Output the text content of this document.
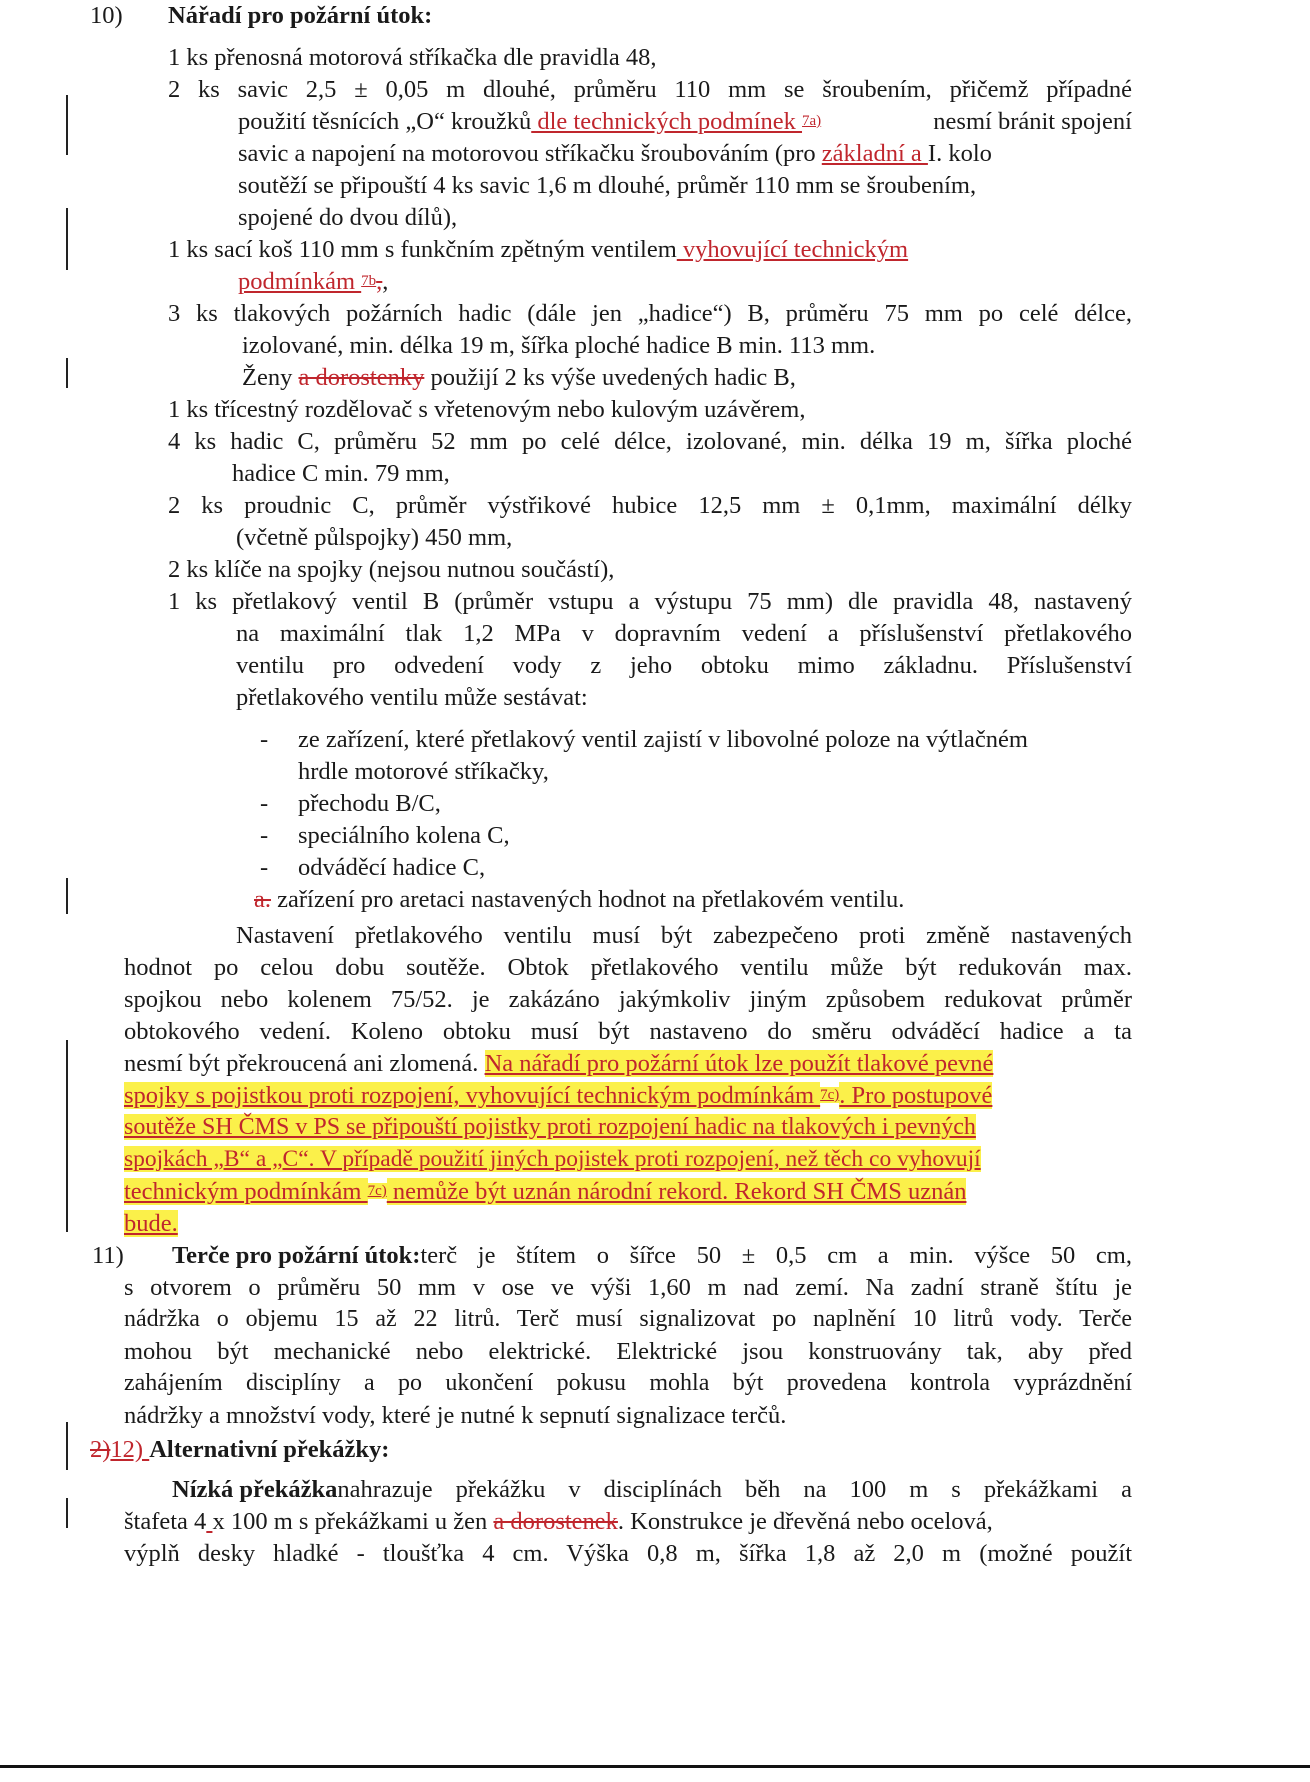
10) Nářadí pro požární útok:
1 ks přenosná motorová stříkačka dle pravidla 48,
2 ks savic 2,5 ± 0,05 m dlouhé, průměru 110 mm se šroubením, přičemž případné
použití těsnících „O“ kroužků dle technických podmínek $^{7a)}$	nesmí bránit spojení
savic a napojení na motorovou stříkačku šroubováním (pro základní a I. kolo
soutěží se připouští 4 ks savic 1,6 m dlouhé, průměr 110 mm se šroubením,
spojené do dvou dílů),
1 ks sací koš 110 mm s funkčním zpětným ventilem vyhovující technickým
podmínkám $^{7b}$,,
3 ks tlakových požárních hadic (dále jen „hadice“) B, průměru 75 mm po celé délce,
izolované, min. délka 19 m, šířka ploché hadice B min. 113 mm.
Ženy a dorostenky použijí 2 ks výše uvedených hadic B,
1 ks třícestný rozdělovač s vřetenovým nebo kulovým uzávěrem,
4 ks hadic C, průměru 52 mm po celé délce, izolované, min. délka 19 m, šířka ploché
hadice C min. 79 mm,
2 ks proudnic C, průměr výstřikové hubice 12,5 mm ± 0,1mm, maximální délky
(včetně půlspojky) 450 mm,
2 ks klíče na spojky (nejsou nutnou součástí),
1 ks přetlakový ventil B (průměr vstupu a výstupu 75 mm) dle pravidla 48, nastavený
na maximální tlak 1,2 MPa v dopravním vedení a příslušenství přetlakového
ventilu pro odvedení vody z jeho obtoku mimo základnu. Příslušenství
přetlakového ventilu může sestávat:
- ze zařízení, které přetlakový ventil zajistí v libovolné poloze na výtlačném
hrdle motorové stříkačky,
- přechodu B/C,
- speciálního kolena C,
- odváděcí hadice C,
a. zařízení pro aretaci nastavených hodnot na přetlakovém ventilu.
Nastavení přetlakového ventilu musí být zabezpečeno proti změně nastavených
hodnot po celou dobu soutěže. Obtok přetlakového ventilu může být redukován max.
spojkou nebo kolenem 75/52. je zakázáno jakýmkoliv jiným způsobem redukovat průměr
obtokového vedení. Koleno obtoku musí být nastaveno do směru odváděcí hadice a ta
nesmí být překroucená ani zlomená. Na nářadí pro požární útok lze použít tlakové pevné
spojky s pojistkou proti rozpojení, vyhovující technickým podmínkám $^{7c)}$. Pro postupové
soutěže SH ČMS v PS se připouští pojistky proti rozpojení hadic na tlakových i pevných
spojkách „B“ a „C“. V případě použití jiných pojistek proti rozpojení, než těch co vyhovují
technickým podmínkám $^{7c)}$ nemůže být uznán národní rekord. Rekord SH ČMS uznán
bude.
11) Terče pro požární útok: terč je štítem o šířce 50 ± 0,5 cm a min. výšce 50 cm,
s otvorem o průměru 50 mm v ose ve výši 1,60 m nad zemí. Na zadní straně štítu je
nádržka o objemu 15 až 22 litrů. Terč musí signalizovat po naplnění 10 litrů vody. Terče
mohou být mechanické nebo elektrické. Elektrické jsou konstruovány tak, aby před
zahájením disciplíny a po ukončení pokusu mohla být provedena kontrola vyprázdnění
nádržky a množství vody, které je nutné k sepnutí signalizace terčů.
2)12) Alternativní překážky:
Nízká překážka nahrazuje překážku v disciplínách běh na 100 m s překážkami a
štafeta 4 x 100 m s překážkami u žen a dorostenek. Konstrukce je dřevěná nebo ocelová,
výplň desky hladké - tloušťka 4 cm. Výška 0,8 m, šířka 1,8 až 2,0 m (možné použít
